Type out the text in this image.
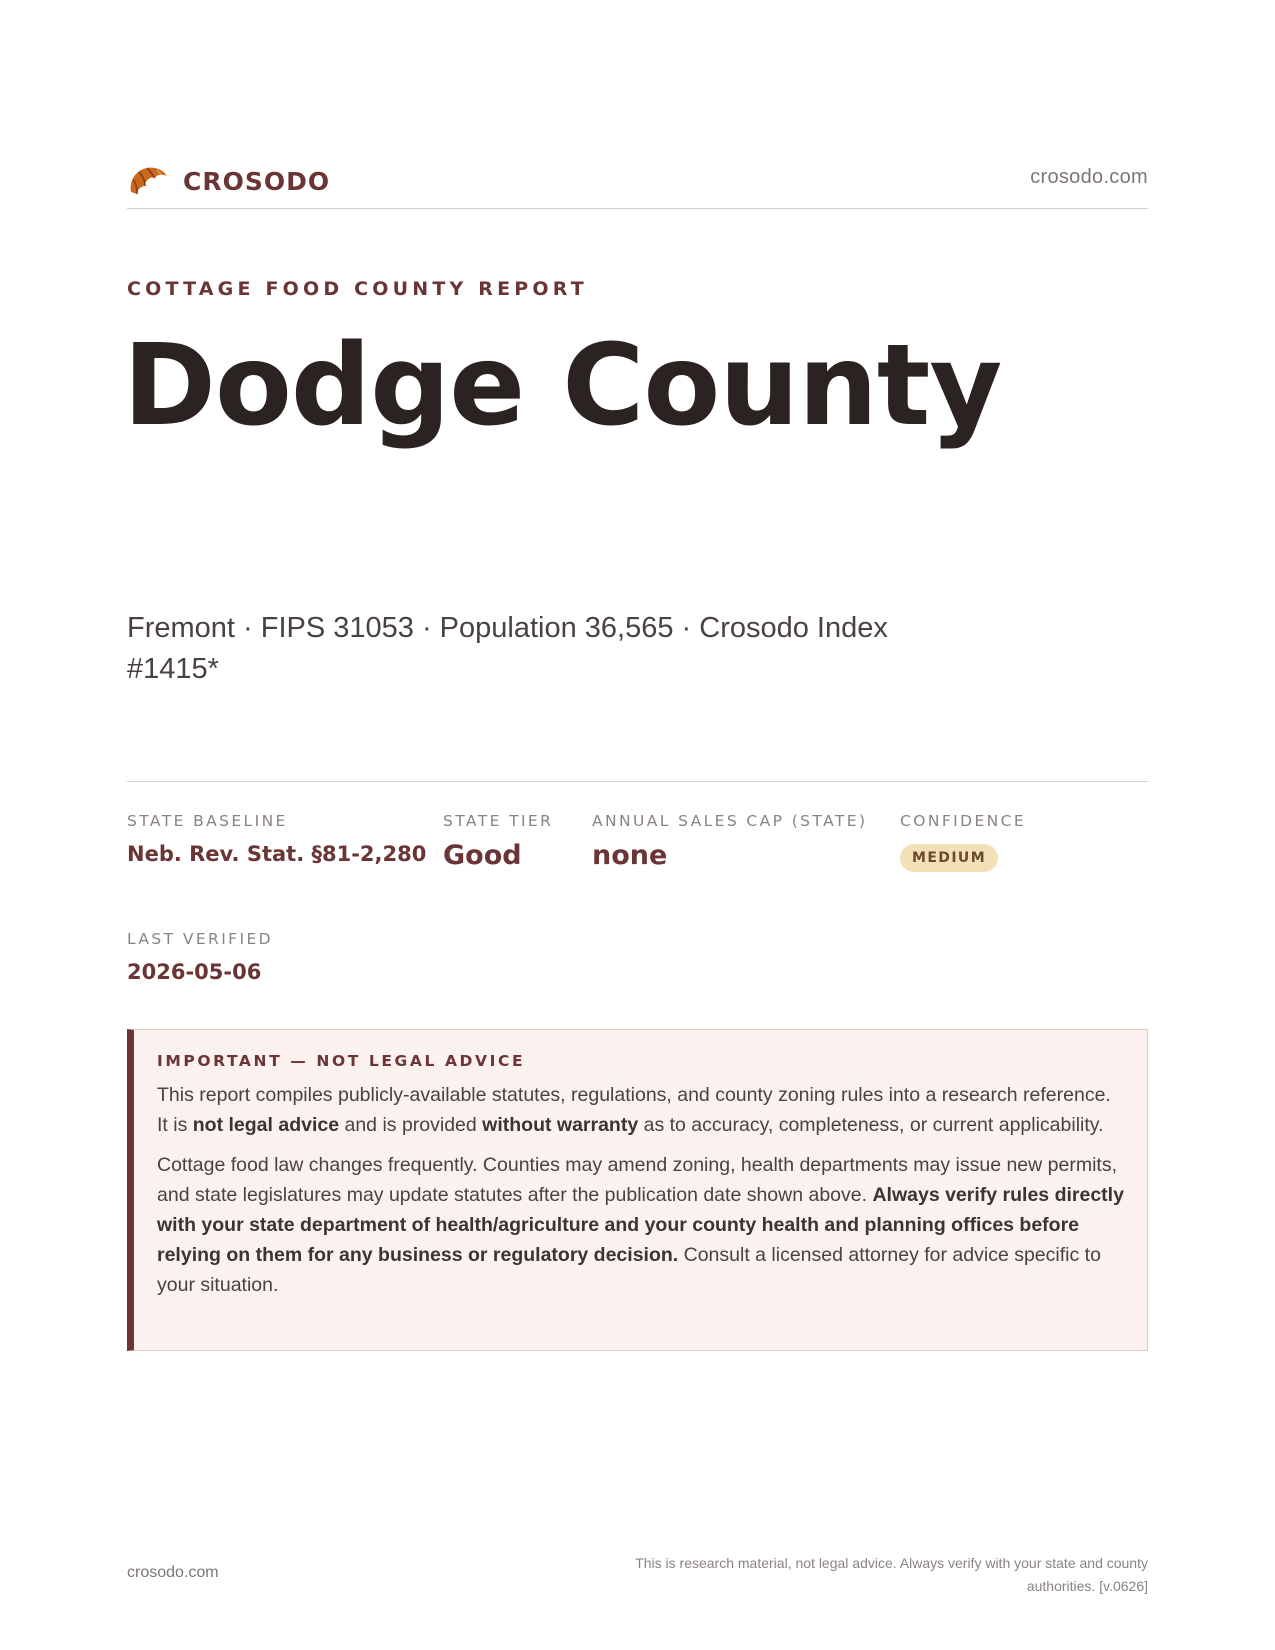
CROSODO	crosodo.com
COTTAGE FOOD COUNTY REPORT
Dodge County
Fremont · FIPS 31053 · Population 36,565 · Crosodo Index #1415*
STATE BASELINE
Neb. Rev. Stat. §81-2,280
STATE TIER
Good
ANNUAL SALES CAP (STATE)
none
CONFIDENCE
MEDIUM
LAST VERIFIED
2026-05-06
IMPORTANT — NOT LEGAL ADVICE

This report compiles publicly-available statutes, regulations, and county zoning rules into a research reference. It is not legal advice and is provided without warranty as to accuracy, completeness, or current applicability.

Cottage food law changes frequently. Counties may amend zoning, health departments may issue new permits, and state legislatures may update statutes after the publication date shown above. Always verify rules directly with your state department of health/agriculture and your county health and planning offices before relying on them for any business or regulatory decision. Consult a licensed attorney for advice specific to your situation.

crosodo.com
This is research material, not legal advice. Always verify with your state and county authorities. [v.0626]
